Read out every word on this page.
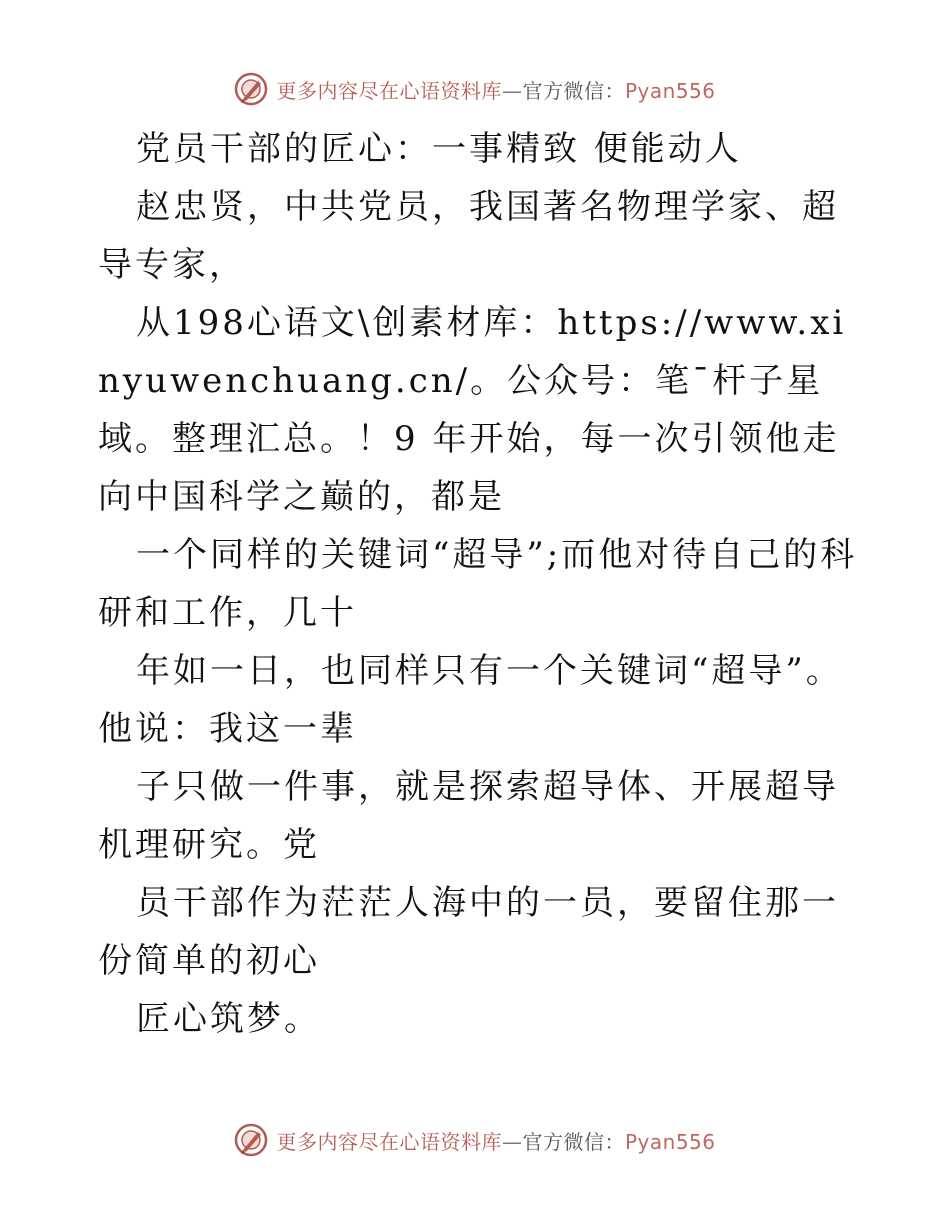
更多内容尽在心语资料库—官方微信：Pyan556

党员干部的匠心：一事精致 便能动人

赵忠贤，中共党员，我国著名物理学家、超导专家，

从198心语文\创素材库：https://www.xinyuwenchuang.cn/。公众号：笔¯杆子星域。整理汇总。！9 年开始，每一次引领他走向中国科学之巅的，都是

一个同样的关键词“超导”;而他对待自己的科研和工作，几十

年如一日，也同样只有一个关键词“超导”。他说：我这一辈

子只做一件事，就是探索超导体、开展超导机理研究。党

员干部作为茫茫人海中的一员，要留住那一份简单的初心

匠心筑梦。

更多内容尽在心语资料库—官方微信：Pyan556
